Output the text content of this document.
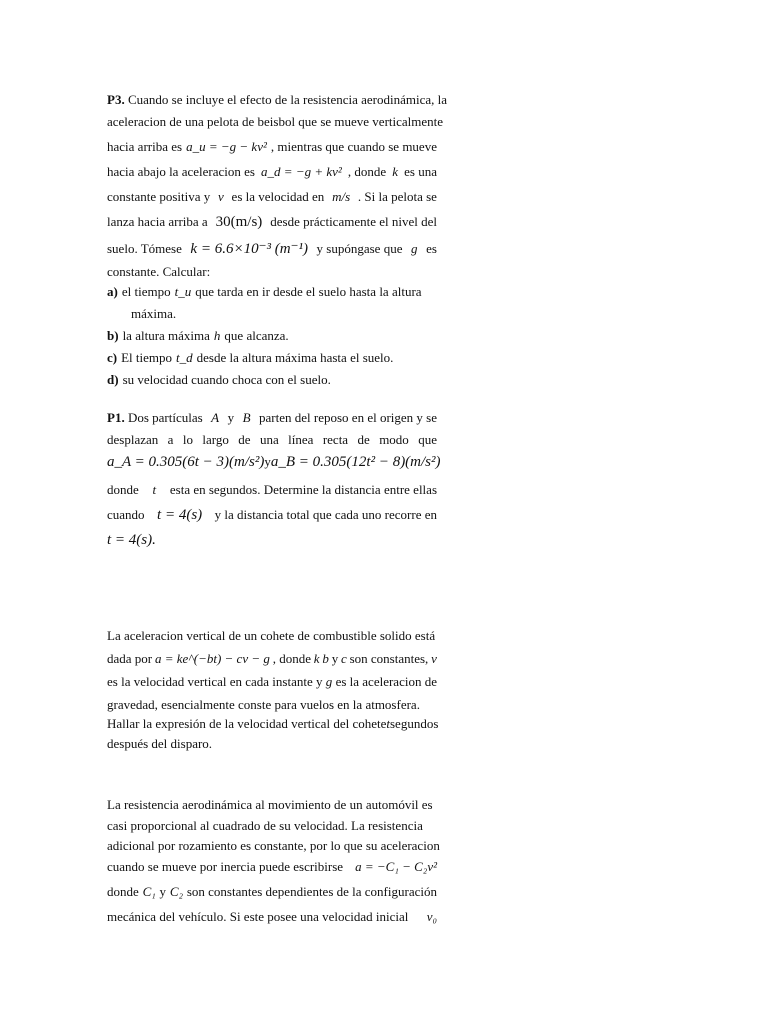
P3. Cuando se incluye el efecto de la resistencia aerodinámica, la
aceleracion de una pelota de beisbol que se mueve verticalmente
hacia arriba es a_u = −g − kv² , mientras que cuando se mueve
hacia abajo la aceleracion es a_d = −g + kv² , donde k es una
constante positiva y v es la velocidad en m/s . Si la pelota se
lanza hacia arriba a 30(m/s) desde prácticamente el nivel del
suelo. Tómese k = 6.6×10⁻³ (m⁻¹) y supóngase que g es
constante. Calcular:
a) el tiempo t_u que tarda en ir desde el suelo hasta la altura
máxima.
b) la altura máxima h que alcanza.
c) El tiempo t_d desde la altura máxima hasta el suelo.
d) su velocidad cuando choca con el suelo.
P1. Dos partículas A y B parten del reposo en el origen y se
desplazan a lo largo de una línea recta de modo que
a_A = 0.305(6t − 3)(m/s²) y a_B = 0.305(12t² − 8)(m/s²)
donde t esta en segundos. Determine la distancia entre ellas
cuando t = 4(s) y la distancia total que cada uno recorre en
t = 4(s).
La aceleracion vertical de un cohete de combustible solido está
dada por a = ke^(−bt) − cv − g , donde k b y c son constantes, v
es la velocidad vertical en cada instante y g es la aceleracion de
gravedad, esencialmente conste para vuelos en la atmosfera.
Hallar la expresión de la velocidad vertical del cohete t segundos
después del disparo.
La resistencia aerodinámica al movimiento de un automóvil es
casi proporcional al cuadrado de su velocidad. La resistencia
adicional por rozamiento es constante, por lo que su aceleracion
cuando se mueve por inercia puede escribirse a = −C₁ − C₂v²
donde C₁ y C₂ son constantes dependientes de la configuración
mecánica del vehículo. Si este posee una velocidad inicial v₀
